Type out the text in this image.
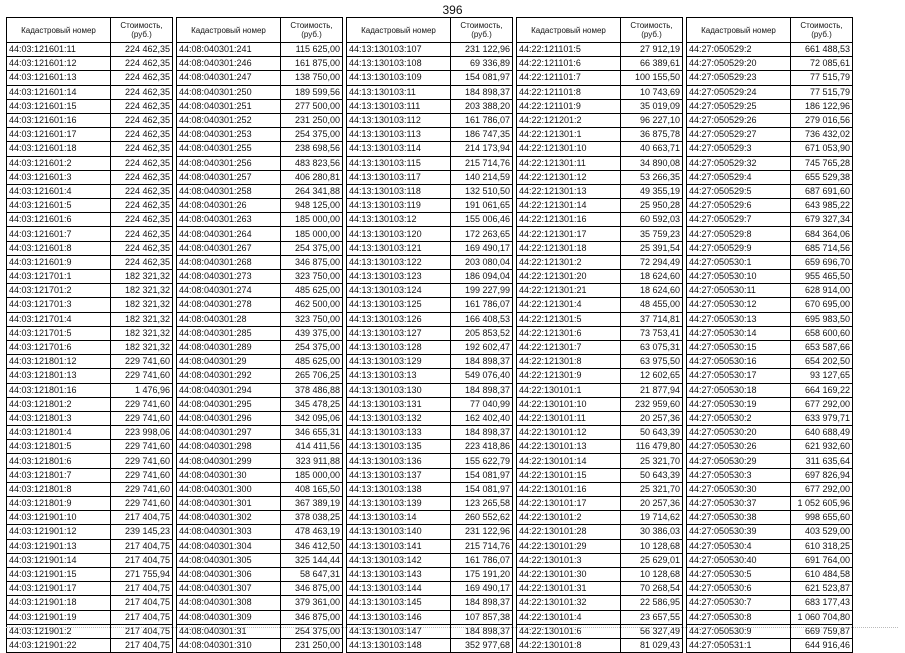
396
Кадастровый номер	Стоимость, (руб.)
44:03:121601:11	224 462,35
44:03:121601:12	224 462,35
44:03:121601:13	224 462,35
44:03:121601:14	224 462,35
44:03:121601:15	224 462,35
44:03:121601:16	224 462,35
44:03:121601:17	224 462,35
44:03:121601:18	224 462,35
44:03:121601:2	224 462,35
44:03:121601:3	224 462,35
44:03:121601:4	224 462,35
44:03:121601:5	224 462,35
44:03:121601:6	224 462,35
44:03:121601:7	224 462,35
44:03:121601:8	224 462,35
44:03:121601:9	224 462,35
44:03:121701:1	182 321,32
44:03:121701:2	182 321,32
44:03:121701:3	182 321,32
44:03:121701:4	182 321,32
44:03:121701:5	182 321,32
44:03:121701:6	182 321,32
44:03:121801:12	229 741,60
44:03:121801:13	229 741,60
44:03:121801:16	1 476,96
44:03:121801:2	229 741,60
44:03:121801:3	229 741,60
44:03:121801:4	223 998,06
44:03:121801:5	229 741,60
44:03:121801:6	229 741,60
44:03:121801:7	229 741,60
44:03:121801:8	229 741,60
44:03:121801:9	229 741,60
44:03:121901:10	217 404,75
44:03:121901:12	239 145,23
44:03:121901:13	217 404,75
44:03:121901:14	217 404,75
44:03:121901:15	271 755,94
44:03:121901:17	217 404,75
44:03:121901:18	217 404,75
44:03:121901:19	217 404,75
44:03:121901:2	217 404,75
44:03:121901:22	217 404,75
Кадастровый номер	Стоимость, (руб.)
44:08:040301:241	115 625,00
44:08:040301:246	161 875,00
44:08:040301:247	138 750,00
44:08:040301:250	189 599,56
44:08:040301:251	277 500,00
44:08:040301:252	231 250,00
44:08:040301:253	254 375,00
44:08:040301:255	238 698,56
44:08:040301:256	483 823,56
44:08:040301:257	406 280,81
44:08:040301:258	264 341,88
44:08:040301:26	948 125,00
44:08:040301:263	185 000,00
44:08:040301:264	185 000,00
44:08:040301:267	254 375,00
44:08:040301:268	346 875,00
44:08:040301:273	323 750,00
44:08:040301:274	485 625,00
44:08:040301:278	462 500,00
44:08:040301:28	323 750,00
44:08:040301:285	439 375,00
44:08:040301:289	254 375,00
44:08:040301:29	485 625,00
44:08:040301:292	265 706,25
44:08:040301:294	378 486,88
44:08:040301:295	345 478,25
44:08:040301:296	342 095,06
44:08:040301:297	346 655,31
44:08:040301:298	414 411,56
44:08:040301:299	323 911,88
44:08:040301:30	185 000,00
44:08:040301:300	408 165,50
44:08:040301:301	367 389,19
44:08:040301:302	378 038,25
44:08:040301:303	478 463,19
44:08:040301:304	346 412,50
44:08:040301:305	325 144,44
44:08:040301:306	58 647,31
44:08:040301:307	346 875,00
44:08:040301:308	379 361,00
44:08:040301:309	346 875,00
44:08:040301:31	254 375,00
44:08:040301:310	231 250,00
Кадастровый номер	Стоимость, (руб.)
44:13:130103:107	231 122,96
44:13:130103:108	69 336,89
44:13:130103:109	154 081,97
44:13:130103:11	184 898,37
44:13:130103:111	203 388,20
44:13:130103:112	161 786,07
44:13:130103:113	186 747,35
44:13:130103:114	214 173,94
44:13:130103:115	215 714,76
44:13:130103:117	140 214,59
44:13:130103:118	132 510,50
44:13:130103:119	191 061,65
44:13:130103:12	155 006,46
44:13:130103:120	172 263,65
44:13:130103:121	169 490,17
44:13:130103:122	203 080,04
44:13:130103:123	186 094,04
44:13:130103:124	199 227,99
44:13:130103:125	161 786,07
44:13:130103:126	166 408,53
44:13:130103:127	205 853,52
44:13:130103:128	192 602,47
44:13:130103:129	184 898,37
44:13:130103:13	549 076,40
44:13:130103:130	184 898,37
44:13:130103:131	77 040,99
44:13:130103:132	162 402,40
44:13:130103:133	184 898,37
44:13:130103:135	223 418,86
44:13:130103:136	155 622,79
44:13:130103:137	154 081,97
44:13:130103:138	154 081,97
44:13:130103:139	123 265,58
44:13:130103:14	260 552,62
44:13:130103:140	231 122,96
44:13:130103:141	215 714,76
44:13:130103:142	161 786,07
44:13:130103:143	175 191,20
44:13:130103:144	169 490,17
44:13:130103:145	184 898,37
44:13:130103:146	107 857,38
44:13:130103:147	184 898,37
44:13:130103:148	352 977,68
Кадастровый номер	Стоимость, (руб.)
44:22:121101:5	27 912,19
44:22:121101:6	66 389,61
44:22:121101:7	100 155,50
44:22:121101:8	10 743,69
44:22:121101:9	35 019,09
44:22:121201:2	96 227,10
44:22:121301:1	36 875,78
44:22:121301:10	40 663,71
44:22:121301:11	34 890,08
44:22:121301:12	53 266,35
44:22:121301:13	49 355,19
44:22:121301:14	25 950,28
44:22:121301:16	60 592,03
44:22:121301:17	35 759,23
44:22:121301:18	25 391,54
44:22:121301:2	72 294,49
44:22:121301:20	18 624,60
44:22:121301:21	18 624,60
44:22:121301:4	48 455,00
44:22:121301:5	37 714,81
44:22:121301:6	73 753,41
44:22:121301:7	63 075,31
44:22:121301:8	63 975,50
44:22:121301:9	12 602,65
44:22:130101:1	21 877,94
44:22:130101:10	232 959,60
44:22:130101:11	20 257,36
44:22:130101:12	50 643,39
44:22:130101:13	116 479,80
44:22:130101:14	25 321,70
44:22:130101:15	50 643,39
44:22:130101:16	25 321,70
44:22:130101:17	20 257,36
44:22:130101:2	19 714,62
44:22:130101:28	30 386,03
44:22:130101:29	10 128,68
44:22:130101:3	25 629,01
44:22:130101:30	10 128,68
44:22:130101:31	70 268,54
44:22:130101:32	22 586,95
44:22:130101:4	23 657,55
44:22:130101:6	56 327,49
44:22:130101:8	81 029,43
Кадастровый номер	Стоимость, (руб.)
44:27:050529:2	661 488,53
44:27:050529:20	72 085,61
44:27:050529:23	77 515,79
44:27:050529:24	77 515,79
44:27:050529:25	186 122,96
44:27:050529:26	279 016,56
44:27:050529:27	736 432,02
44:27:050529:3	671 053,90
44:27:050529:32	745 765,28
44:27:050529:4	655 529,38
44:27:050529:5	687 691,60
44:27:050529:6	643 985,22
44:27:050529:7	679 327,34
44:27:050529:8	684 364,06
44:27:050529:9	685 714,56
44:27:050530:1	659 696,70
44:27:050530:10	955 465,50
44:27:050530:11	628 914,00
44:27:050530:12	670 695,00
44:27:050530:13	695 983,50
44:27:050530:14	658 600,60
44:27:050530:15	653 587,66
44:27:050530:16	654 202,50
44:27:050530:17	93 127,65
44:27:050530:18	664 169,22
44:27:050530:19	677 292,00
44:27:050530:2	633 979,71
44:27:050530:20	640 688,49
44:27:050530:26	621 932,60
44:27:050530:29	311 635,64
44:27:050530:3	697 826,94
44:27:050530:30	677 292,00
44:27:050530:37	1 052 605,96
44:27:050530:38	998 655,60
44:27:050530:39	403 529,00
44:27:050530:4	610 318,25
44:27:050530:40	691 764,00
44:27:050530:5	610 484,58
44:27:050530:6	621 523,87
44:27:050530:7	683 177,43
44:27:050530:8	1 060 704,80
44:27:050530:9	669 759,87
44:27:050531:1	644 916,46
